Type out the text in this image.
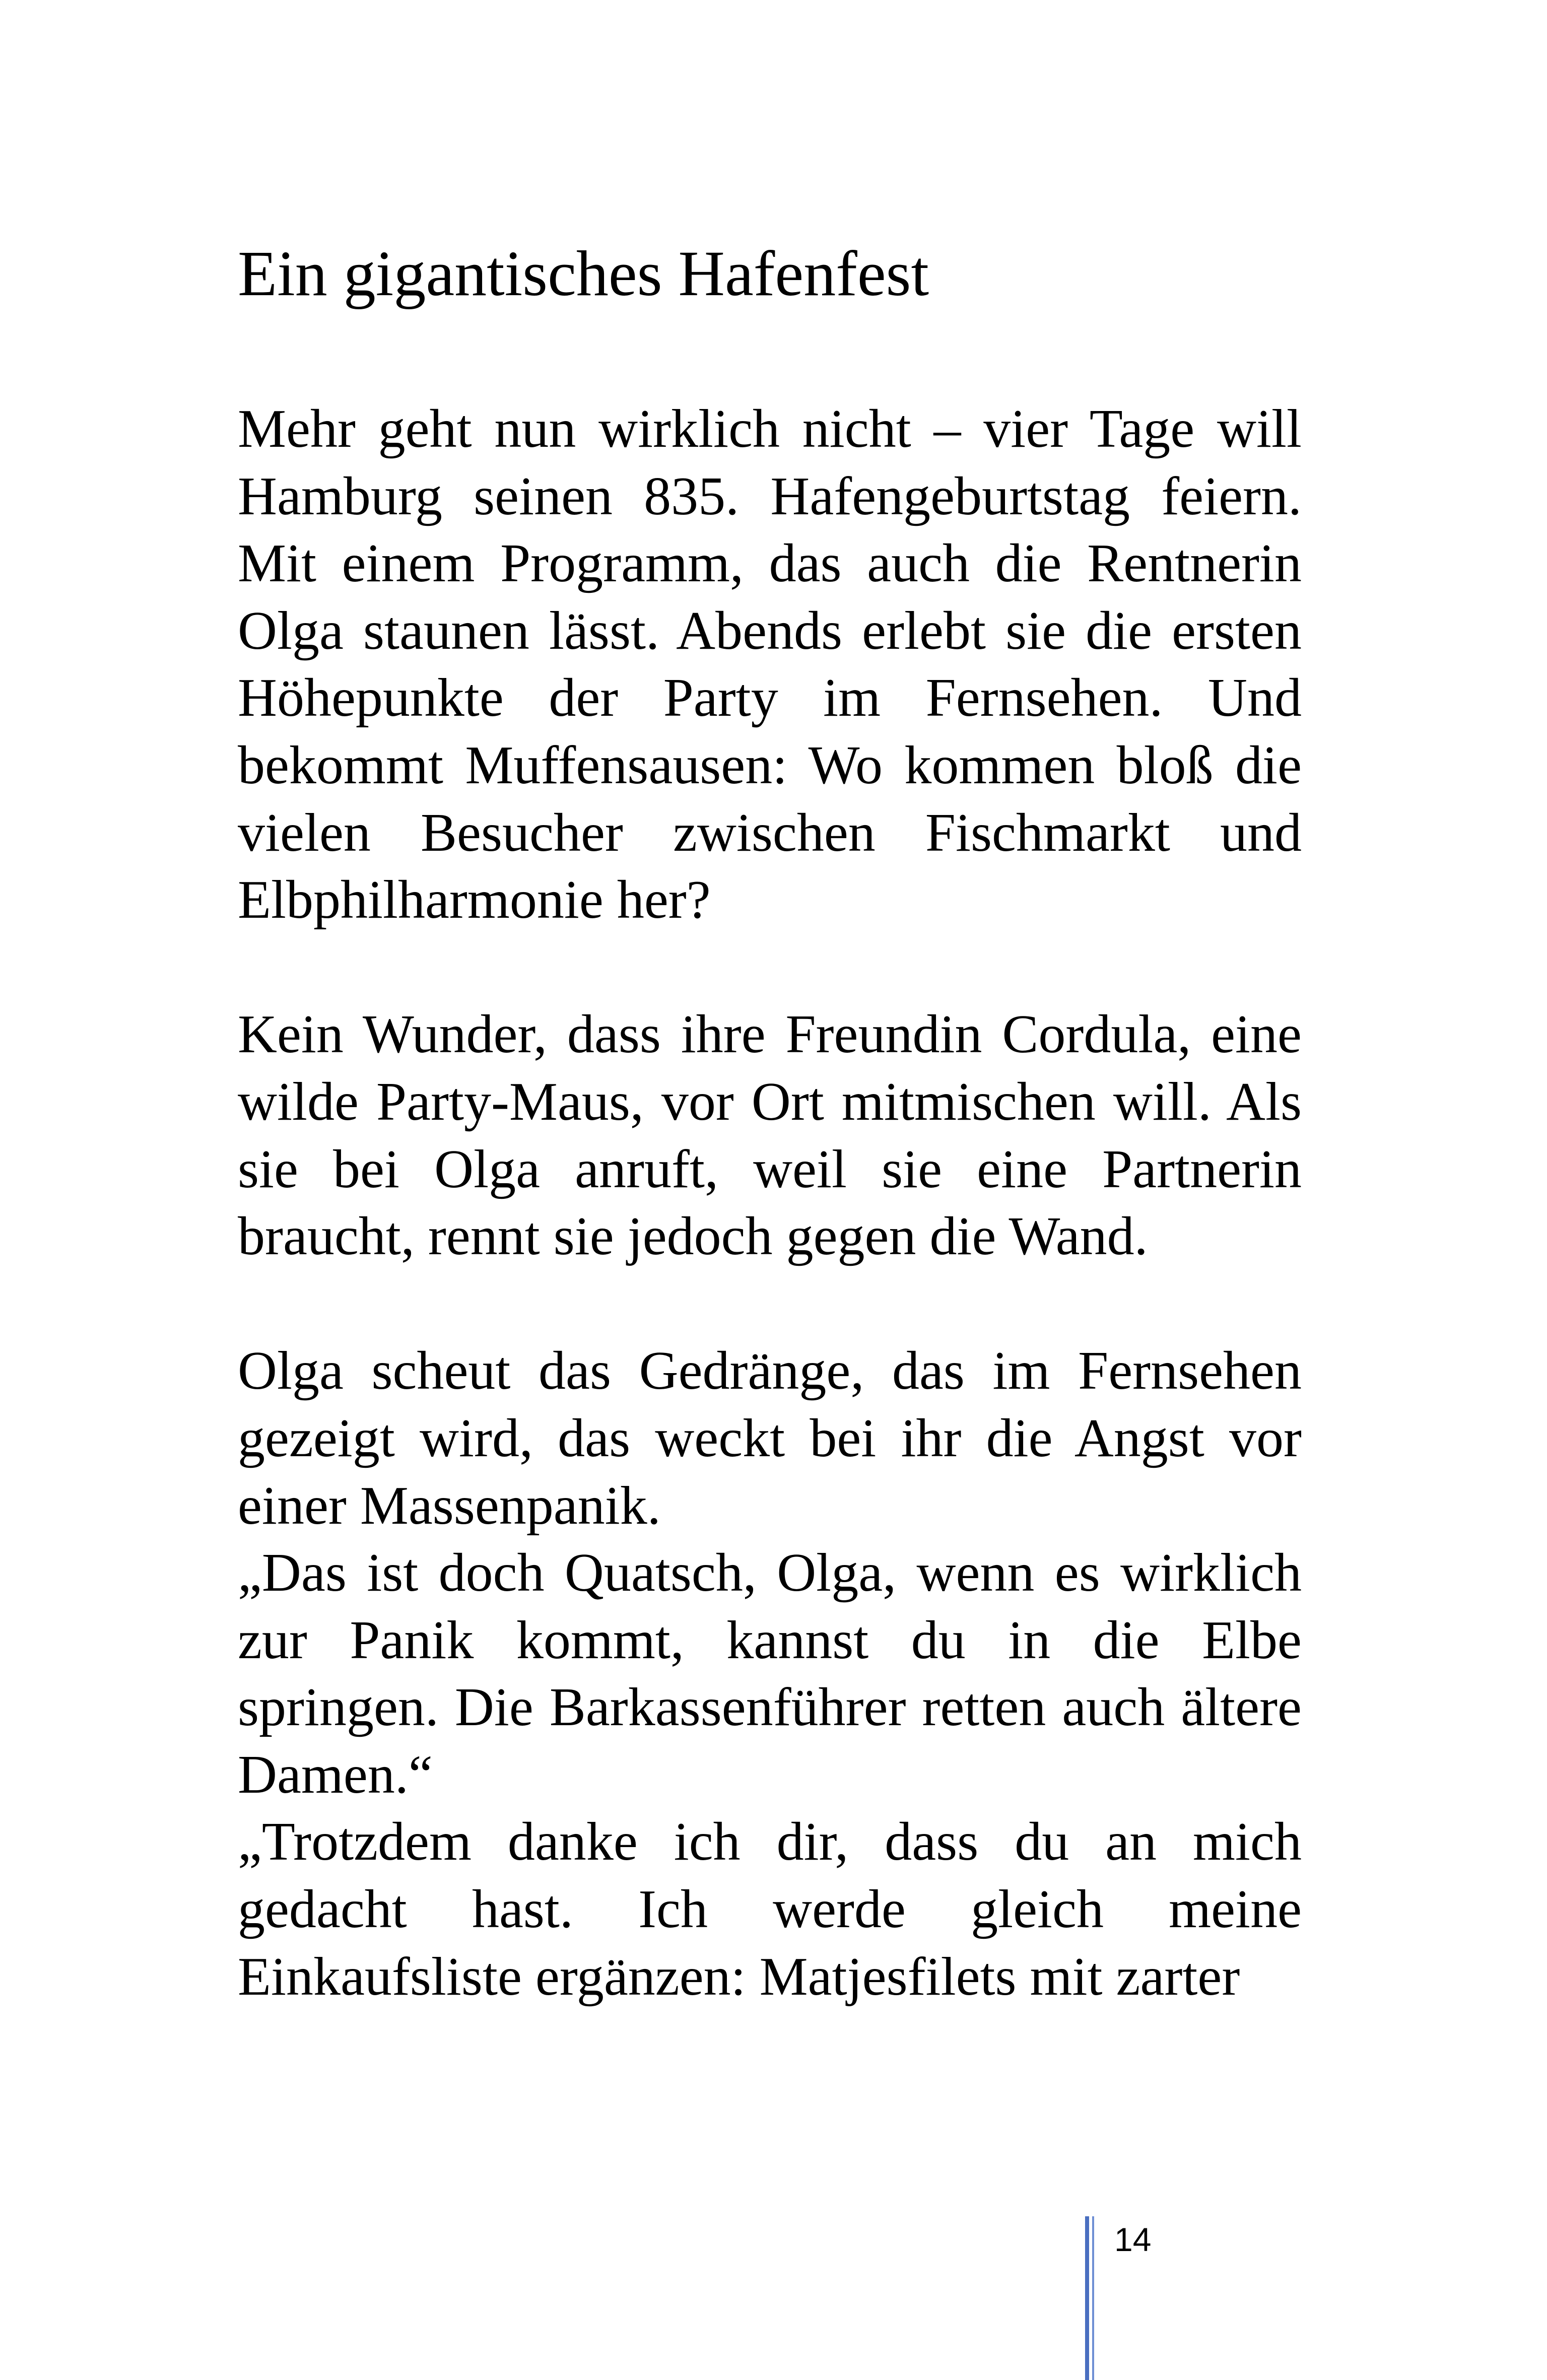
Ein gigantisches Hafenfest

Mehr geht nun wirklich nicht – vier Tage will Hamburg seinen 835. Hafengeburtstag feiern. Mit einem Programm, das auch die Rentnerin Olga staunen lässt. Abends erlebt sie die ersten Höhepunkte der Party im Fernsehen. Und bekommt Muffensausen: Wo kommen bloß die vielen Besucher zwischen Fischmarkt und Elbphilharmonie her?

Kein Wunder, dass ihre Freundin Cordula, eine wilde Party-Maus, vor Ort mitmischen will. Als sie bei Olga anruft, weil sie eine Partnerin braucht, rennt sie jedoch gegen die Wand.

Olga scheut das Gedränge, das im Fernsehen gezeigt wird, das weckt bei ihr die Angst vor einer Massenpanik.

„Das ist doch Quatsch, Olga, wenn es wirklich zur Panik kommt, kannst du in die Elbe springen. Die Barkassenführer retten auch ältere Damen.“

„Trotzdem danke ich dir, dass du an mich gedacht hast. Ich werde gleich meine Einkaufsliste ergänzen: Matjesfilets mit zarter

14
